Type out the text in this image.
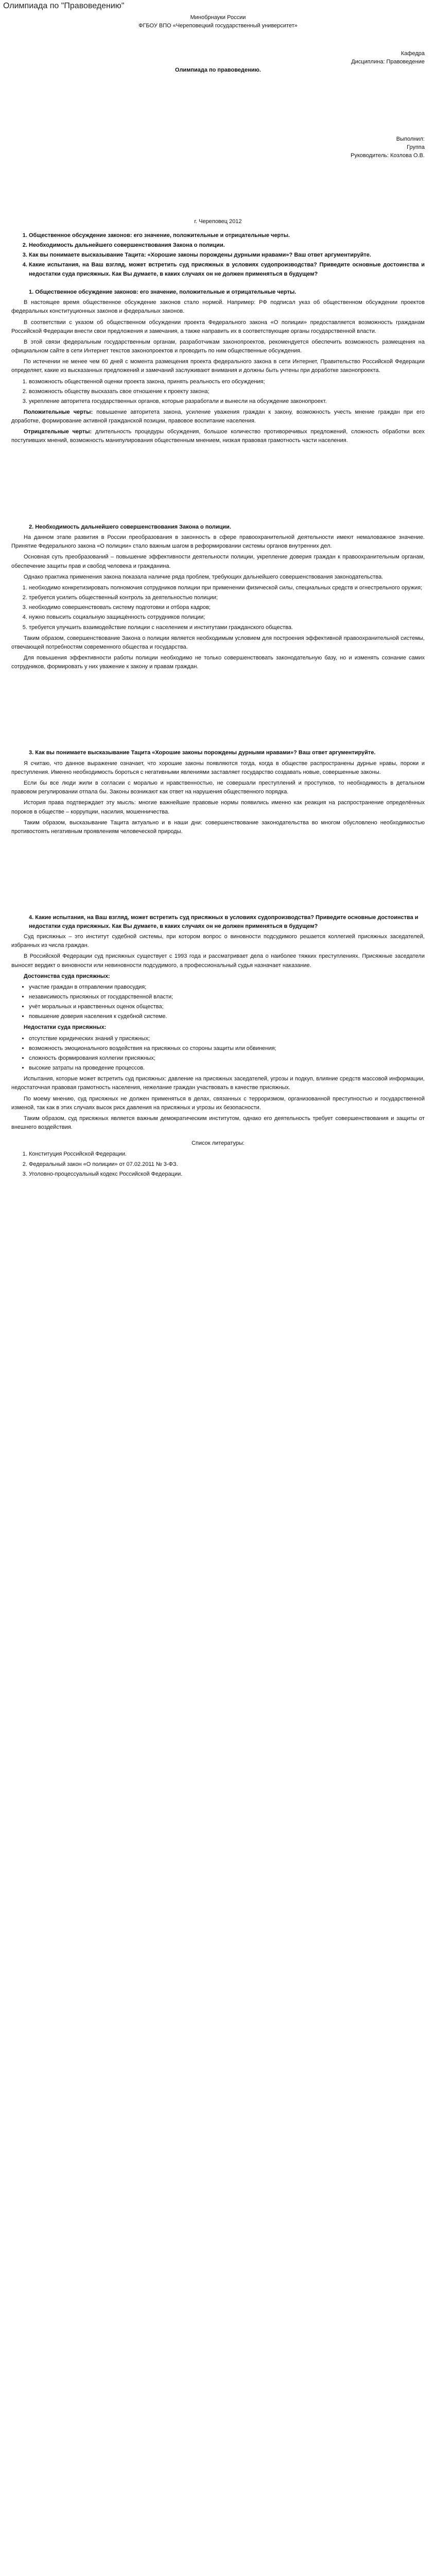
Олимпиада по "Правоведению"

Минобрнауки России

ФГБОУ ВПО «Череповецкий государственный университет»

Кафедра

Дисциплина: Правоведение

Олимпиада по правоведению.

Выполнил:

Группа

Руководитель: Козлова О.В.

г. Череповец 2012

1. Общественное обсуждение законов: его значение, положительные и отрицательные черты.
2. Необходимость дальнейшего совершенствования Закона о полиции.
3. Как вы понимаете высказывание Тацита: «Хорошие законы порождены дурными нравами»? Ваш ответ аргументируйте.
4. Какие испытания, на Ваш взгляд, может встретить суд присяжных в условиях судопроизводства? Приведите основные достоинства и недостатки суда присяжных. Как Вы думаете, в каких случаях он не должен применяться в будущем?
1. Общественное обсуждение законов: его значение, положительные и отрицательные черты.

В настоящее время общественное обсуждение законов стало нормой. Например: РФ подписал указ об общественном обсуждении проектов федеральных конституционных законов и федеральных законов.

В соответствии с указом об общественном обсуждении проекта Федерального закона «О полиции» предоставляется возможность гражданам Российской Федерации внести свои предложения и замечания, а также направить их в соответствующие органы государственной власти.

В этой связи федеральным государственным органам, разработчикам законопроектов, рекомендуется обеспечить возможность размещения на официальном сайте в сети Интернет текстов законопроектов и проводить по ним общественные обсуждения.

По истечении не менее чем 60 дней с момента размещения проекта федерального закона в сети Интернет, Правительство Российской Федерации определяет, какие из высказанных предложений и замечаний заслуживают внимания и должны быть учтены при доработке законопроекта.

1. возможность общественной оценки проекта закона, принять реальность его обсуждения;
2. возможность обществу высказать свое отношение к проекту закона;
3. укрепление авторитета государственных органов, которые разработали и вынесли на обсуждение законопроект.

Положительные черты: повышение авторитета закона, усиление уважения граждан к закону, возможность учесть мнение граждан при его доработке, формирование активной гражданской позиции, правовое воспитание населения.

Отрицательные черты: длительность процедуры обсуждения, большое количество противоречивых предложений, сложность обработки всех поступивших мнений, возможность манипулирования общественным мнением, низкая правовая грамотность части населения.

2. Необходимость дальнейшего совершенствования Закона о полиции.

На данном этапе развития в России преобразования в законность в сфере правоохранительной деятельности имеют немаловажное значение. Принятие Федерального закона «О полиции» стало важным шагом в реформировании системы органов внутренних дел.

Основная суть преобразований – повышение эффективности деятельности полиции, укрепление доверия граждан к правоохранительным органам, обеспечение защиты прав и свобод человека и гражданина.

Однако практика применения закона показала наличие ряда проблем, требующих дальнейшего совершенствования законодательства.

1. необходимо конкретизировать полномочия сотрудников полиции при применении физической силы, специальных средств и огнестрельного оружия;
2. требуется усилить общественный контроль за деятельностью полиции;
3. необходимо совершенствовать систему подготовки и отбора кадров;
4. нужно повысить социальную защищённость сотрудников полиции;
5. требуется улучшить взаимодействие полиции с населением и институтами гражданского общества.

Таким образом, совершенствование Закона о полиции является необходимым условием для построения эффективной правоохранительной системы, отвечающей потребностям современного общества и государства.

Для повышения эффективности работы полиции необходимо не только совершенствовать законодательную базу, но и изменять сознание самих сотрудников, формировать у них уважение к закону и правам граждан.

3. Как вы понимаете высказывание Тацита «Хорошие законы порождены дурными нравами»? Ваш ответ аргументируйте.

Я считаю, что данное выражение означает, что хорошие законы появляются тогда, когда в обществе распространены дурные нравы, пороки и преступления. Именно необходимость бороться с негативными явлениями заставляет государство создавать новые, совершенные законы.

Если бы все люди жили в согласии с моралью и нравственностью, не совершали преступлений и проступков, то необходимость в детальном правовом регулировании отпала бы. Законы возникают как ответ на нарушения общественного порядка.

История права подтверждает эту мысль: многие важнейшие правовые нормы появились именно как реакция на распространение определённых пороков в обществе – коррупции, насилия, мошенничества.

Таким образом, высказывание Тацита актуально и в наши дни: совершенствование законодательства во многом обусловлено необходимостью противостоять негативным проявлениям человеческой природы.

4. Какие испытания, на Ваш взгляд, может встретить суд присяжных в условиях судопроизводства? Приведите основные достоинства и недостатки суда присяжных. Как Вы думаете, в каких случаях он не должен применяться в будущем?

Суд присяжных – это институт судебной системы, при котором вопрос о виновности подсудимого решается коллегией присяжных заседателей, избранных из числа граждан.

В Российской Федерации суд присяжных существует с 1993 года и рассматривает дела о наиболее тяжких преступлениях. Присяжные заседатели выносят вердикт о виновности или невиновности подсудимого, а профессиональный судья назначает наказание.

Достоинства суда присяжных:

• участие граждан в отправлении правосудия;
• независимость присяжных от государственной власти;
• учёт моральных и нравственных оценок общества;
• повышение доверия населения к судебной системе.

Недостатки суда присяжных:

• отсутствие юридических знаний у присяжных;
• возможность эмоционального воздействия на присяжных со стороны защиты или обвинения;
• сложность формирования коллегии присяжных;
• высокие затраты на проведение процессов.

Испытания, которые может встретить суд присяжных: давление на присяжных заседателей, угрозы и подкуп, влияние средств массовой информации, недостаточная правовая грамотность населения, нежелание граждан участвовать в качестве присяжных.

По моему мнению, суд присяжных не должен применяться в делах, связанных с терроризмом, организованной преступностью и государственной изменой, так как в этих случаях высок риск давления на присяжных и угрозы их безопасности.

Таким образом, суд присяжных является важным демократическим институтом, однако его деятельность требует совершенствования и защиты от внешнего воздействия.

Список литературы:
1. Конституция Российской Федерации.
2. Федеральный закон «О полиции» от 07.02.2011 № 3-ФЗ.
3. Уголовно-процессуальный кодекс Российской Федерации.
